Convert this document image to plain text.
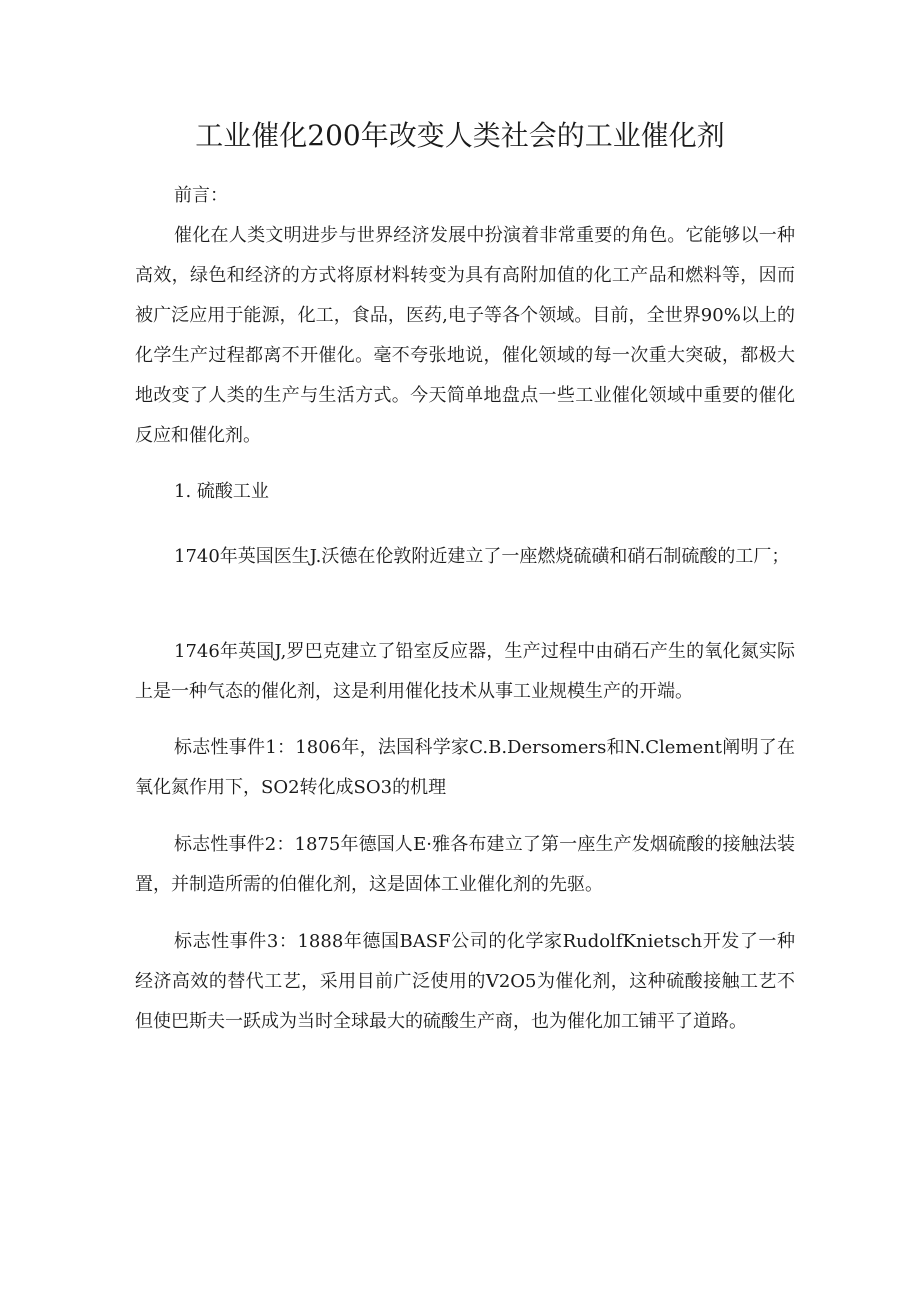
工业催化200年改变人类社会的工业催化剂

前言：

催化在人类文明进步与世界经济发展中扮演着非常重要的角色。它能够以一种高效，绿色和经济的方式将原材料转变为具有高附加值的化工产品和燃料等，因而被广泛应用于能源，化工，食品，医药,电子等各个领域。目前，全世界90%以上的化学生产过程都离不开催化。毫不夸张地说，催化领域的每一次重大突破，都极大地改变了人类的生产与生活方式。今天简单地盘点一些工业催化领域中重要的催化反应和催化剂。

1. 硫酸工业

1740年英国医生J.沃德在伦敦附近建立了一座燃烧硫磺和硝石制硫酸的工厂；

1746年英国J,罗巴克建立了铅室反应器，生产过程中由硝石产生的氧化氮实际上是一种气态的催化剂，这是利用催化技术从事工业规模生产的开端。

标志性事件1：1806年，法国科学家C.B.Dersomers和N.Clement阐明了在氧化氮作用下，SO2转化成SO3的机理

标志性事件2：1875年德国人E·雅各布建立了第一座生产发烟硫酸的接触法装置，并制造所需的伯催化剂，这是固体工业催化剂的先驱。

标志性事件3：1888年德国BASF公司的化学家RudolfKnietsch开发了一种经济高效的替代工艺，采用目前广泛使用的V2O5为催化剂，这种硫酸接触工艺不但使巴斯夫一跃成为当时全球最大的硫酸生产商，也为催化加工铺平了道路。
